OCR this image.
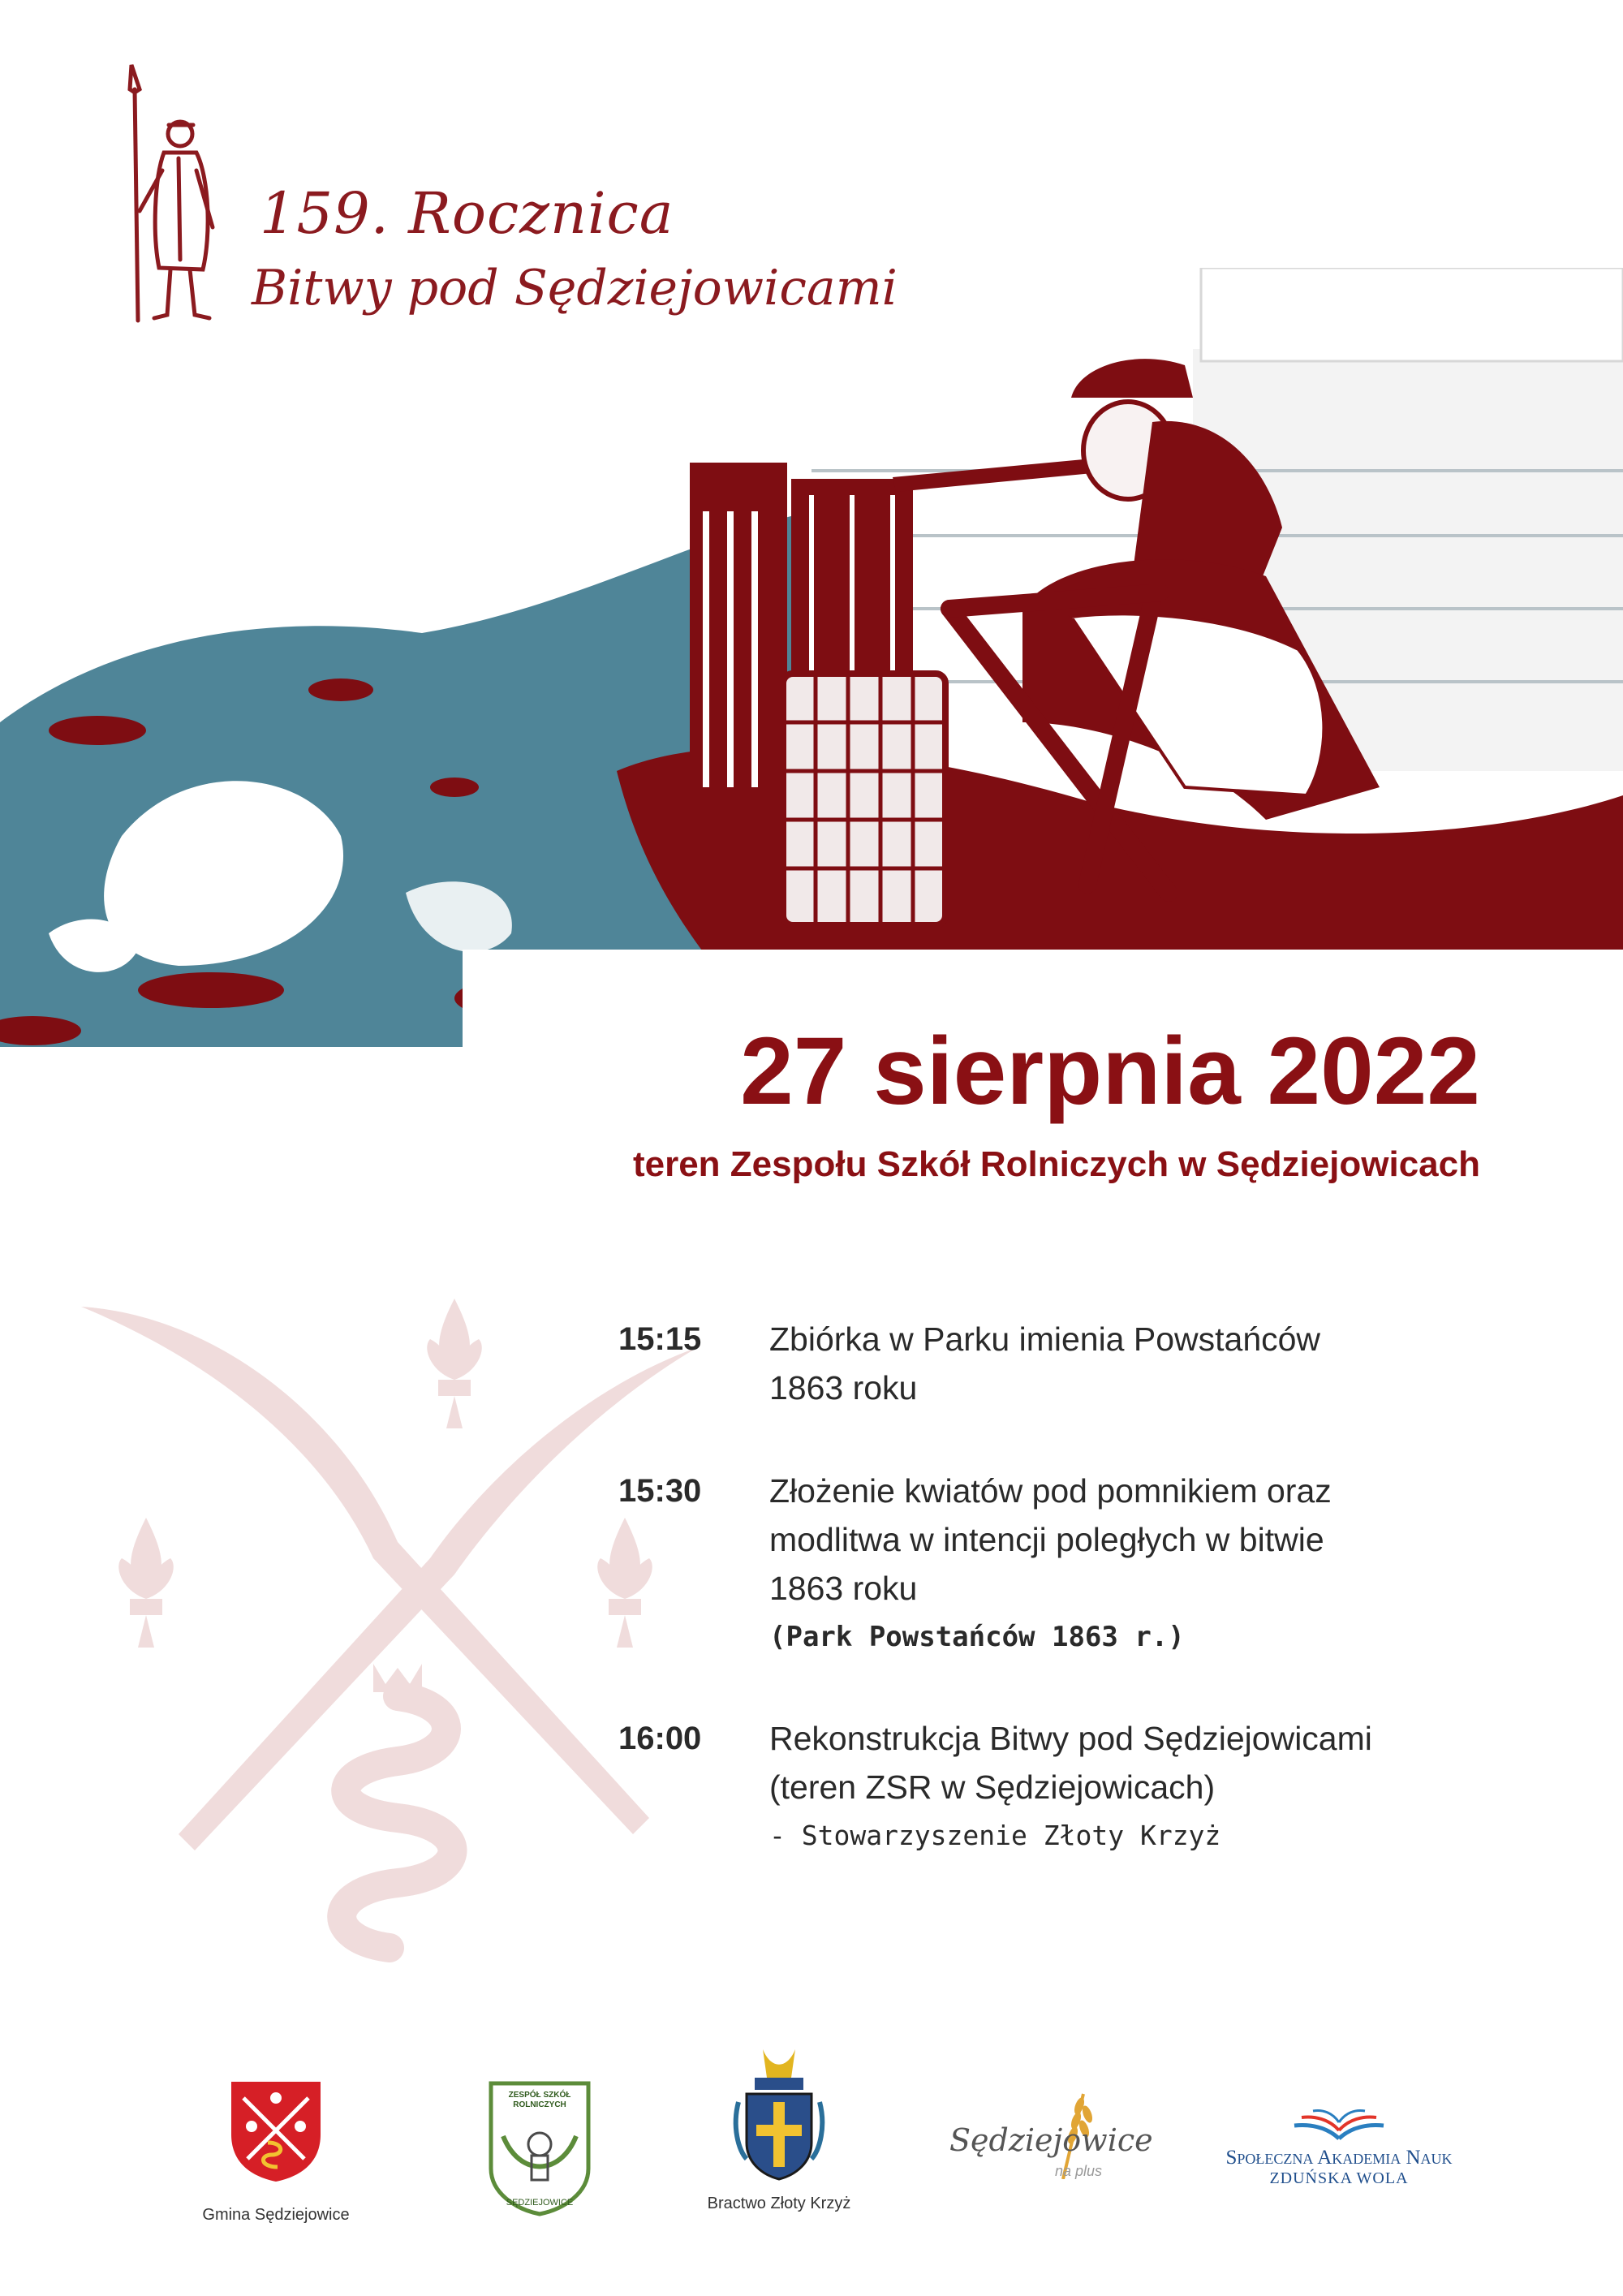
159. Rocznica
Bitwy pod Sędziejowicami
27 sierpnia 2022
teren Zespołu Szkół Rolniczych w Sędziejowicach
15:15 Zbiórka w Parku imienia Powstańców
1863 roku
15:30 Złożenie kwiatów pod pomnikiem oraz
modlitwa w intencji poległych w bitwie
1863 roku
(Park Powstańców 1863 r.)
16:00 Rekonstrukcja Bitwy pod Sędziejowicami
(teren ZSR w Sędziejowicach)
- Stowarzyszenie Złoty Krzyż
Gmina Sędziejowice
ZESPÓŁ SZKÓŁ ROLNICZYCH
SĘDZIEJOWICE	Bractwo Złoty Krzyż
Sędziejowice
na plus
Społeczna Akademia Nauk
ZDUŃSKA WOLA
